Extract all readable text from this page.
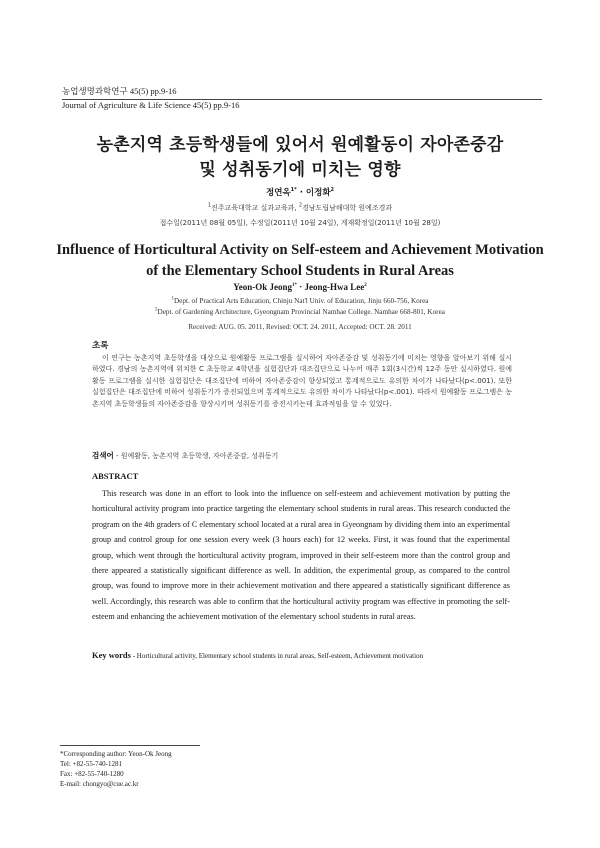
농업생명과학연구 45(5) pp.9-16
Journal of Agriculture & Life Science 45(5) pp.9-16
농촌지역 초등학생들에 있어서 원예활동이 자아존중감
및 성취동기에 미치는 영향
정연옥$^{1*}$ · 이정화$^2$
$^1$진주교육대학교 실과교육과, $^2$경남도립남해대학 원예조경과
접수일(2011년 08월 05일), 수정일(2011년 10월 24일), 게재확정일(2011년 10월 28일)
Influence of Horticultural Activity on Self-esteem and Achievement Motivation
of the Elementary School Students in Rural Areas
Yeon-Ok Jeong$^{1*}$ · Jeong-Hwa Lee$^2$
$^1$Dept. of Practical Arts Education, Chinju Nat'l Univ. of Education, Jinju 660-756, Korea
$^2$Dept. of Gardening Architecture, Gyeongnam Provincial Namhae College. Namhae 668-801, Korea
Received: AUG. 05. 2011, Revised: OCT. 24. 2011, Accepted: OCT. 28. 2011
초록

이 연구는 농촌지역 초등학생을 대상으로 원예활동 프로그램을 실시하여 자아존중감 및 성취동기에 미치는 영향을 알아보기 위해 실시하였다. 경남의 농촌지역에 위치한 C 초등학교 4학년을 실험집단과 대조집단으로 나누어 매주 1회(3시간)씩 12주 동안 실시하였다. 원예활동 프로그램을 실시한 실험집단은 대조집단에 비하여 자아존중감이 향상되었고 통계적으로도 유의한 차이가 나타났다(p<.001). 또한 실험집단은 대조집단에 비하여 성취동기가 증진되었으며 통계적으로도 유의한 차이가 나타났다(p<.001). 따라서 원예활동 프로그램은 농촌지역 초등학생들의 자아존중감을 향상시키며 성취동기를 증진시키는데 효과적임을 알 수 있었다.

검색어 - 원예활동, 농촌지역 초등학생, 자아존중감, 성취동기
ABSTRACT

This research was done in an effort to look into the influence on self-esteem and achievement motivation by putting the horticultural activity program into practice targeting the elementary school students in rural areas. This research conducted the program on the 4th graders of C elementary school located at a rural area in Gyeongnam by dividing them into an experimental group and control group for one session every week (3 hours each) for 12 weeks. First, it was found that the experimental group, which went through the horticultural activity program, improved in their self-esteem more than the control group and there appeared a statistically significant difference as well. In addition, the experimental group, as compared to the control group, was found to improve more in their achievement motivation and there appeared a statistically significant difference as well. Accordingly, this research was able to confirm that the horticultural activity program was effective in promoting the self-esteem and enhancing the achievement motivation of the elementary school students in rural areas.

Key words - Horticultural activity, Elementary school students in rural areas, Self-esteem, Achievement motivation
*Corresponding author: Yeon-Ok Jeong
Tel: +82-55-740-1281
Fax: +82-55-740-1280
E-mail: chongyo@cue.ac.kr
